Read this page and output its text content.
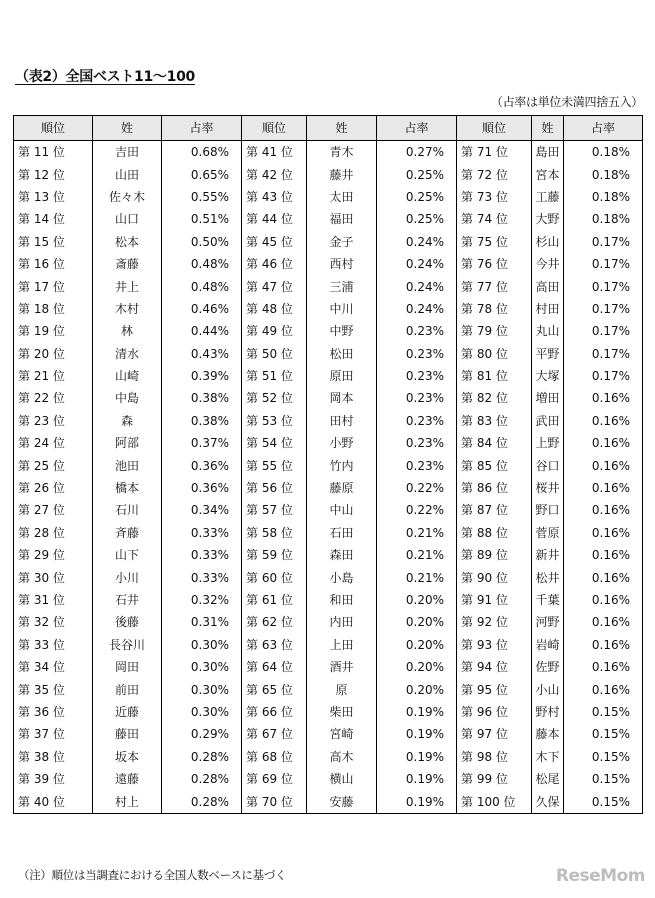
（表2）全国ベスト11～100
（占率は単位未満四捨五入）
順位	姓	占率	順位	姓	占率	順位	姓	占率
第 11 位	吉田	0.68%	第 41 位	青木	0.27%	第 71 位	島田	0.18%
第 12 位	山田	0.65%	第 42 位	藤井	0.25%	第 72 位	宮本	0.18%
第 13 位	佐々木	0.55%	第 43 位	太田	0.25%	第 73 位	工藤	0.18%
第 14 位	山口	0.51%	第 44 位	福田	0.25%	第 74 位	大野	0.18%
第 15 位	松本	0.50%	第 45 位	金子	0.24%	第 75 位	杉山	0.17%
第 16 位	斎藤	0.48%	第 46 位	西村	0.24%	第 76 位	今井	0.17%
第 17 位	井上	0.48%	第 47 位	三浦	0.24%	第 77 位	高田	0.17%
第 18 位	木村	0.46%	第 48 位	中川	0.24%	第 78 位	村田	0.17%
第 19 位	林	0.44%	第 49 位	中野	0.23%	第 79 位	丸山	0.17%
第 20 位	清水	0.43%	第 50 位	松田	0.23%	第 80 位	平野	0.17%
第 21 位	山崎	0.39%	第 51 位	原田	0.23%	第 81 位	大塚	0.17%
第 22 位	中島	0.38%	第 52 位	岡本	0.23%	第 82 位	増田	0.16%
第 23 位	森	0.38%	第 53 位	田村	0.23%	第 83 位	武田	0.16%
第 24 位	阿部	0.37%	第 54 位	小野	0.23%	第 84 位	上野	0.16%
第 25 位	池田	0.36%	第 55 位	竹内	0.23%	第 85 位	谷口	0.16%
第 26 位	橋本	0.36%	第 56 位	藤原	0.22%	第 86 位	桜井	0.16%
第 27 位	石川	0.34%	第 57 位	中山	0.22%	第 87 位	野口	0.16%
第 28 位	斉藤	0.33%	第 58 位	石田	0.21%	第 88 位	菅原	0.16%
第 29 位	山下	0.33%	第 59 位	森田	0.21%	第 89 位	新井	0.16%
第 30 位	小川	0.33%	第 60 位	小島	0.21%	第 90 位	松井	0.16%
第 31 位	石井	0.32%	第 61 位	和田	0.20%	第 91 位	千葉	0.16%
第 32 位	後藤	0.31%	第 62 位	内田	0.20%	第 92 位	河野	0.16%
第 33 位	長谷川	0.30%	第 63 位	上田	0.20%	第 93 位	岩崎	0.16%
第 34 位	岡田	0.30%	第 64 位	酒井	0.20%	第 94 位	佐野	0.16%
第 35 位	前田	0.30%	第 65 位	原	0.20%	第 95 位	小山	0.16%
第 36 位	近藤	0.30%	第 66 位	柴田	0.19%	第 96 位	野村	0.15%
第 37 位	藤田	0.29%	第 67 位	宮崎	0.19%	第 97 位	藤本	0.15%
第 38 位	坂本	0.28%	第 68 位	高木	0.19%	第 98 位	木下	0.15%
第 39 位	遠藤	0.28%	第 69 位	横山	0.19%	第 99 位	松尾	0.15%
第 40 位	村上	0.28%	第 70 位	安藤	0.19%	第 100 位	久保	0.15%
（注）順位は当調査における全国人数ベースに基づく	ReseMom
